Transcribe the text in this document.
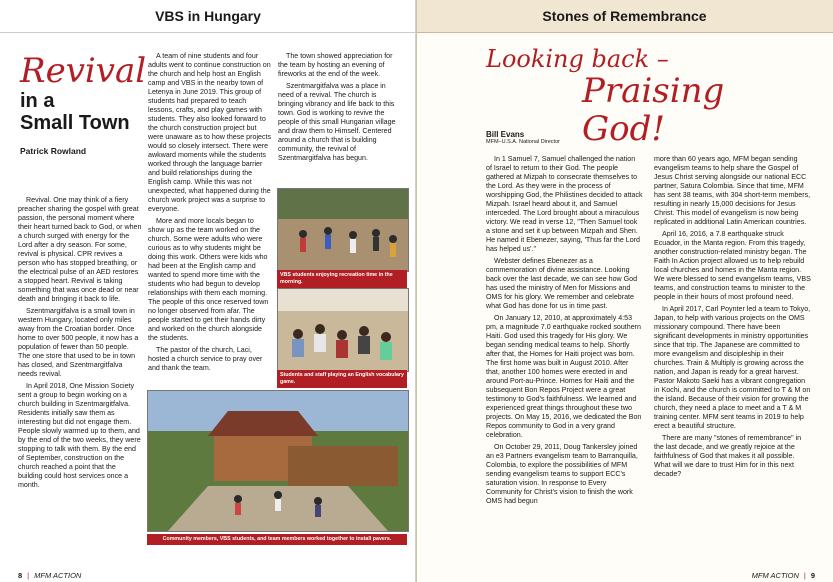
VBS in Hungary
Revival
in a
Small Town
Patrick Rowland

Revival. One may think of a fiery preacher sharing the gospel with great passion, the personal moment where their heart turned back to God, or when a church surged with energy for the Lord after a dry season. For some, revival is physical. CPR revives a person who has stopped breathing, or the electrical pulse of an AED restores a stopped heart. Revival is taking something that was once dead or near death and bringing it back to life.

Szentmargitfalva is a small town in western Hungary, located only miles away from the Croatian border. Once home to over 500 people, it now has a population of fewer than 50 people. The one store that used to be in town has closed, and Szentmargitfalva needs revival.

In April 2018, One Mission Society sent a group to begin working on a church building in Szentmargitfalva. Residents initially saw them as interesting but did not engage them. People slowly warmed up to them, and by the end of the two weeks, they were stopping to talk with them. By the end of September, construction on the church reached a point that the building could host services once a month.

A team of nine students and four adults went to continue construction on the church and help host an English camp and VBS in the nearby town of Letenya in June 2019. This group of students had prepared to teach lessons, crafts, and play games with students. They also looked forward to the church construction project but were unaware as to how these projects would so closely intersect. There were awkward moments while the students worked through the language barrier and build relationships during the English camp. While this was not unexpected, what happened during the church work project was a surprise to everyone.

More and more locals began to show up as the team worked on the church. Some were adults who were curious as to why students might be doing this work. Others were kids who had been at the English camp and wanted to spend more time with the students who had begun to develop relationships with them each morning. The people of this once reserved town no longer observed from afar. The people started to get their hands dirty and worked on the church alongside the students.

The pastor of the church, Laci, hosted a church service to pray over and thank the team.

The town showed appreciation for the team by hosting an evening of fireworks at the end of the week.

Szentmargitfalva was a place in need of a revival. The church is bringing vibrancy and life back to this town. God is working to revive the people of this small Hungarian village and draw them to Himself. Centered around a church that is building community, the revival of Szentmargitfalva has begun.

VBS students enjoying recreation time in the morning.
Students and staff playing an English vocabulary game.
Community members, VBS students, and team members worked together to install pavers.
8 | MFM ACTION
Stones of Remembrance
Looking back –
Praising God!
Bill Evans
MFM–U.S.A. National Director

In 1 Samuel 7, Samuel challenged the nation of Israel to return to their God. The people gathered at Mizpah to consecrate themselves to the Lord. As they were in the process of worshipping God, the Philistines decided to attack Mizpah. Israel heard about it, and Samuel interceded. The Lord brought about a miraculous victory. We read in verse 12, "Then Samuel took a stone and set it up between Mizpah and Shen. He named it Ebenezer, saying, 'Thus far the Lord has helped us'."

Webster defines Ebenezer as a commemoration of divine assistance. Looking back over the last decade, we can see how God has used the ministry of Men for Missions and OMS for his glory. We remember and celebrate what God has done for us in time past.

On January 12, 2010, at approximately 4:53 pm, a magnitude 7.0 earthquake rocked southern Haiti. God used this tragedy for His glory. We began sending medical teams to help. Shortly after that, the Homes for Haiti project was born. The first home was built in August 2010. After that, another 100 homes were erected in and around Port-au-Prince. Homes for Haiti and the subsequent Bon Repos Project were a great testimony to God's faithfulness. We learned and experienced great things throughout these two projects. On May 15, 2016, we dedicated the Bon Repos community to God in a very grand celebration.

On October 29, 2011, Doug Tankersley joined an e3 Partners evangelism team to Barranquilla, Colombia, to explore the possibilities of MFM sending evangelism teams to support ECC's saturation vision. In response to Every Community for Christ's vision to finish the work OMS had begun

more than 60 years ago, MFM began sending evangelism teams to help share the Gospel of Jesus Christ serving alongside our national ECC partner, Satura Colombia. Since that time, MFM has sent 38 teams, with 304 short-term members, resulting in nearly 15,000 decisions for Jesus Christ. This model of evangelism is now being replicated in additional Latin American countries.

April 16, 2016, a 7.8 earthquake struck Ecuador, in the Manta region. From this tragedy, another construction-related ministry began. The Faith In Action project allowed us to help rebuild local churches and homes in the Manta region. We were blessed to send evangelism teams, VBS teams, and construction teams to minister to the people in their hours of most profound need.

In April 2017, Carl Poynter led a team to Tokyo, Japan, to help with various projects on the OMS missionary compound. There have been significant developments in ministry opportunities since that trip. The Japanese are committed to more evangelism and discipleship in their churches. Train & Multiply is growing across the nation, and Japan is ready for a great harvest. Pastor Makoto Saeki has a vibrant congregation in Kochi, and the church is committed to T & M on the island. Because of their vision for growing the church, they need a place to meet and a T & M training center. MFM sent teams in 2019 to help erect a beautiful structure.

There are many "stones of remembrance" in the last decade, and we greatly rejoice at the faithfulness of God that makes it all possible. What will we dare to trust Him for in this next decade?

MFM ACTION | 9
